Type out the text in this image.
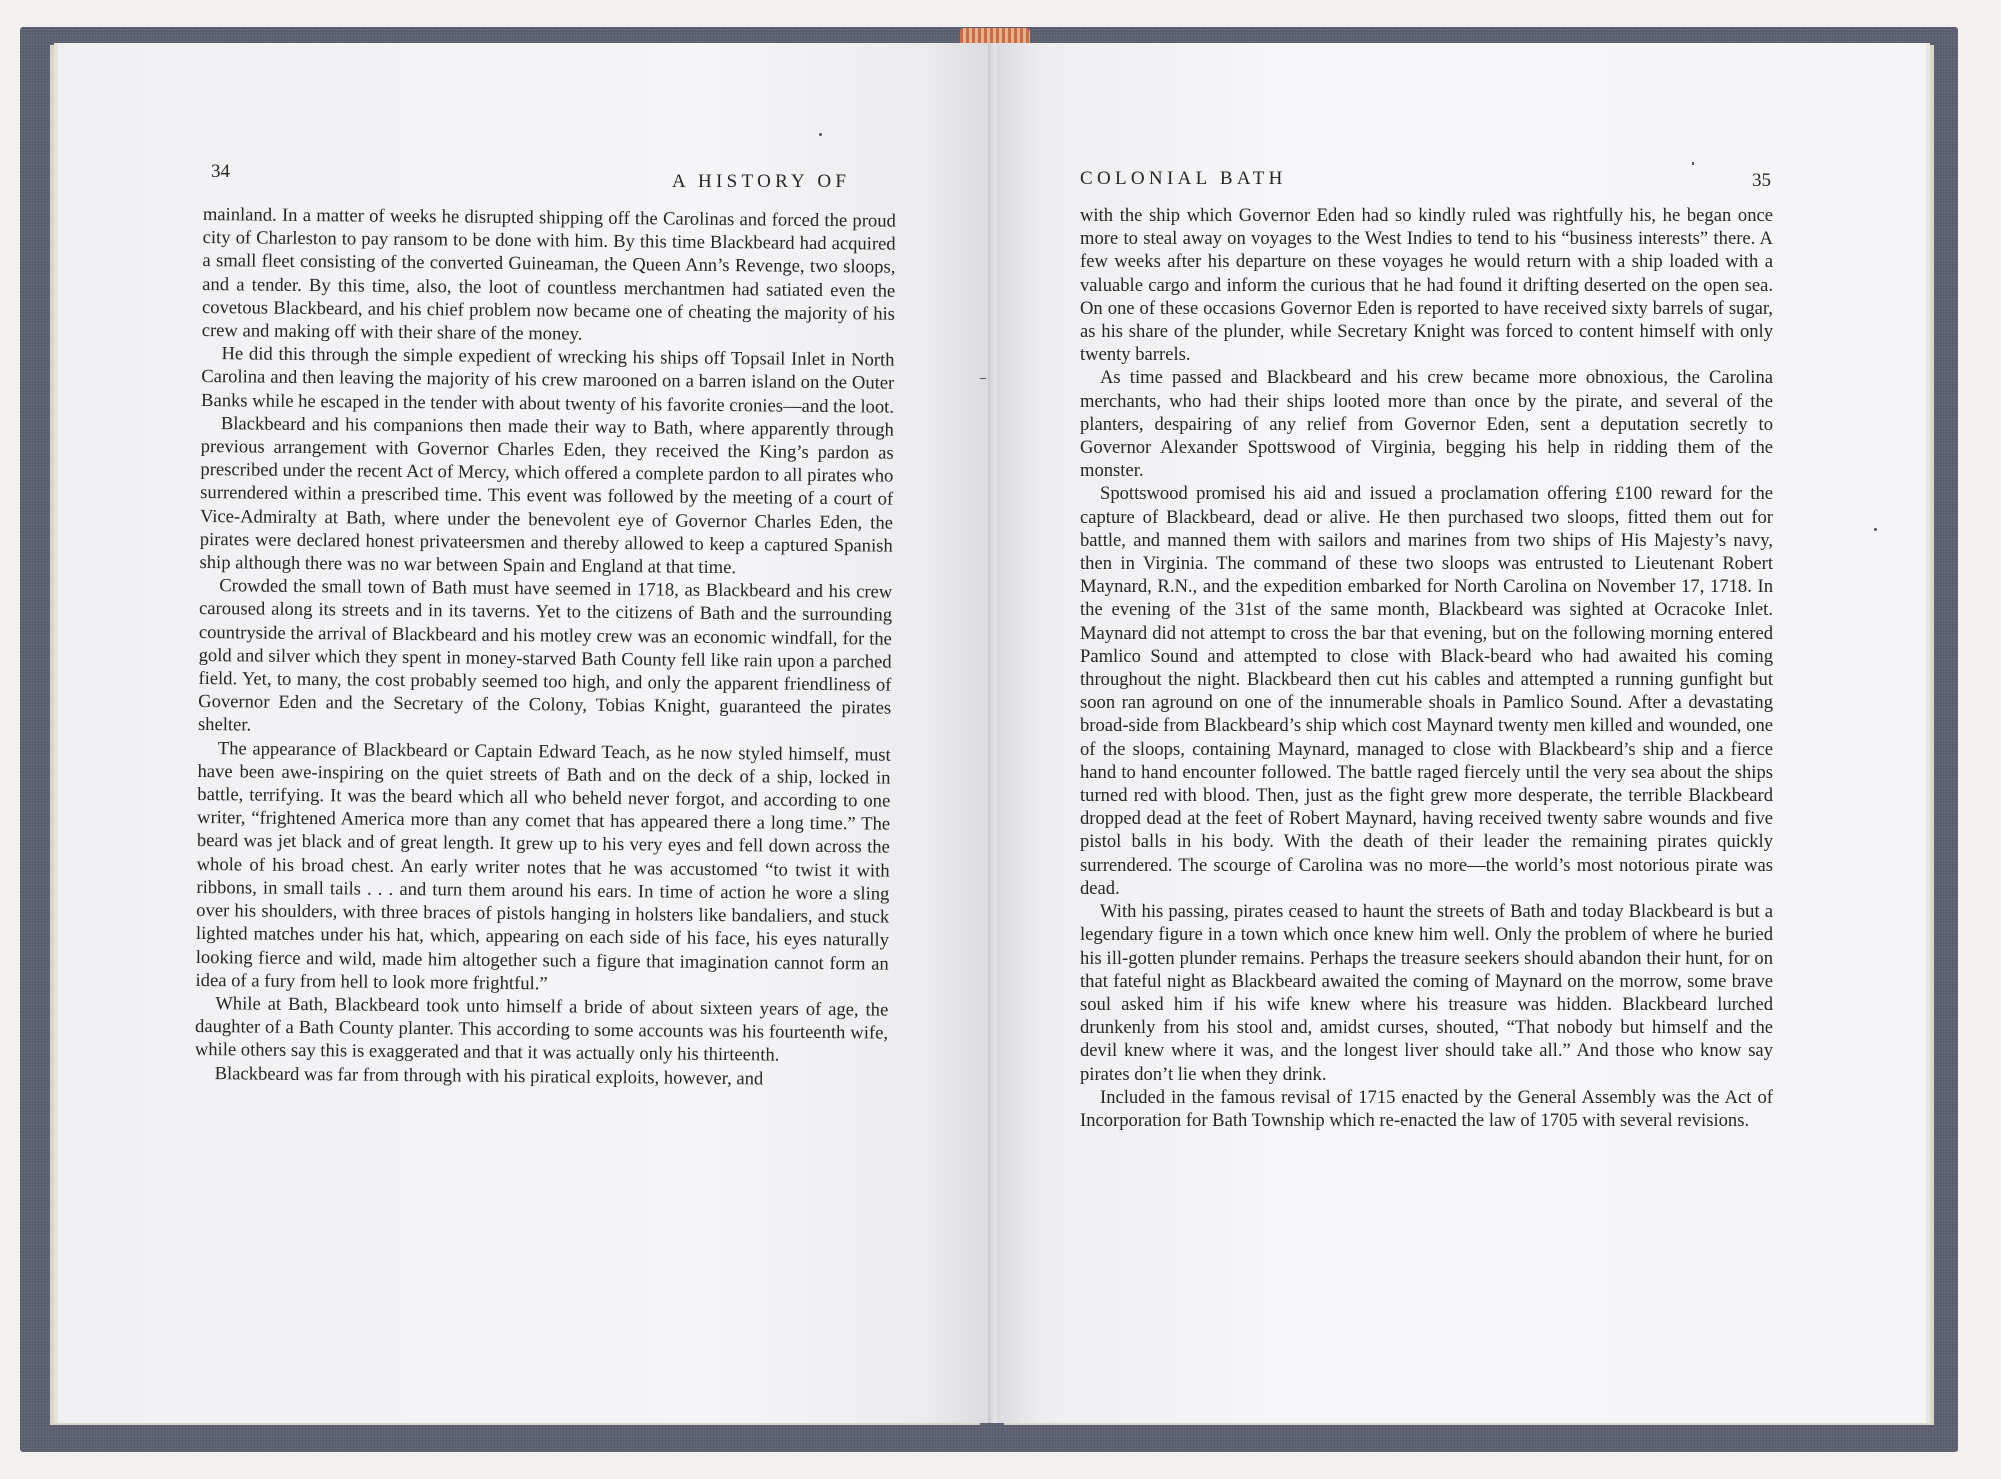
34	A HISTORY OF	COLONIAL BATH	35

mainland. In a matter of weeks he disrupted shipping off the Carolinas and forced the proud city of Charleston to pay ransom to be done with him. By this time Blackbeard had acquired a small fleet consisting of the converted Guineaman, the Queen Ann’s Revenge, two sloops, and a tender. By this time, also, the loot of countless merchantmen had satiated even the covetous Blackbeard, and his chief problem now became one of cheating the majority of his crew and making off with their share of the money.

He did this through the simple expedient of wrecking his ships off Topsail Inlet in North Carolina and then leaving the majority of his crew marooned on a barren island on the Outer Banks while he escaped in the tender with about twenty of his favorite cronies—and the loot.

Blackbeard and his companions then made their way to Bath, where apparently through previous arrangement with Governor Charles Eden, they received the King’s pardon as prescribed under the recent Act of Mercy, which offered a complete pardon to all pirates who surrendered within a prescribed time. This event was followed by the meeting of a court of Vice-Admiralty at Bath, where under the benevolent eye of Governor Charles Eden, the pirates were declared honest privateersmen and thereby allowed to keep a captured Spanish ship although there was no war between Spain and England at that time.

Crowded the small town of Bath must have seemed in 1718, as Blackbeard and his crew caroused along its streets and in its taverns. Yet to the citizens of Bath and the surrounding countryside the arrival of Blackbeard and his motley crew was an economic windfall, for the gold and silver which they spent in money-starved Bath County fell like rain upon a parched field. Yet, to many, the cost probably seemed too high, and only the apparent friendliness of Governor Eden and the Secretary of the Colony, Tobias Knight, guaranteed the pirates shelter.

The appearance of Blackbeard or Captain Edward Teach, as he now styled himself, must have been awe-inspiring on the quiet streets of Bath and on the deck of a ship, locked in battle, terrifying. It was the beard which all who beheld never forgot, and according to one writer, “frightened America more than any comet that has appeared there a long time.” The beard was jet black and of great length. It grew up to his very eyes and fell down across the whole of his broad chest. An early writer notes that he was accustomed “to twist it with ribbons, in small tails . . . and turn them around his ears. In time of action he wore a sling over his shoulders, with three braces of pistols hanging in holsters like bandaliers, and stuck lighted matches under his hat, which, appearing on each side of his face, his eyes naturally looking fierce and wild, made him altogether such a figure that imagination cannot form an idea of a fury from hell to look more frightful.”

While at Bath, Blackbeard took unto himself a bride of about sixteen years of age, the daughter of a Bath County planter. This according to some accounts was his fourteenth wife, while others say this is exaggerated and that it was actually only his thirteenth.

Blackbeard was far from through with his piratical exploits, however, and

with the ship which Governor Eden had so kindly ruled was rightfully his, he began once more to steal away on voyages to the West Indies to tend to his “business interests” there. A few weeks after his departure on these voyages he would return with a ship loaded with a valuable cargo and inform the curious that he had found it drifting deserted on the open sea. On one of these occasions Governor Eden is reported to have received sixty barrels of sugar, as his share of the plunder, while Secretary Knight was forced to content himself with only twenty barrels.

As time passed and Blackbeard and his crew became more obnoxious, the Carolina merchants, who had their ships looted more than once by the pirate, and several of the planters, despairing of any relief from Governor Eden, sent a deputation secretly to Governor Alexander Spottswood of Virginia, begging his help in ridding them of the monster.

Spottswood promised his aid and issued a proclamation offering £100 reward for the capture of Blackbeard, dead or alive. He then purchased two sloops, fitted them out for battle, and manned them with sailors and marines from two ships of His Majesty’s navy, then in Virginia. The command of these two sloops was entrusted to Lieutenant Robert Maynard, R.N., and the expedition embarked for North Carolina on November 17, 1718. In the evening of the 31st of the same month, Blackbeard was sighted at Ocracoke Inlet. Maynard did not attempt to cross the bar that evening, but on the following morning entered Pamlico Sound and attempted to close with Black-beard who had awaited his coming throughout the night. Blackbeard then cut his cables and attempted a running gunfight but soon ran aground on one of the innumerable shoals in Pamlico Sound. After a devastating broad-side from Blackbeard’s ship which cost Maynard twenty men killed and wounded, one of the sloops, containing Maynard, managed to close with Blackbeard’s ship and a fierce hand to hand encounter followed. The battle raged fiercely until the very sea about the ships turned red with blood. Then, just as the fight grew more desperate, the terrible Blackbeard dropped dead at the feet of Robert Maynard, having received twenty sabre wounds and five pistol balls in his body. With the death of their leader the remaining pirates quickly surrendered. The scourge of Carolina was no more—the world’s most notorious pirate was dead.

With his passing, pirates ceased to haunt the streets of Bath and today Blackbeard is but a legendary figure in a town which once knew him well. Only the problem of where he buried his ill-gotten plunder remains. Perhaps the treasure seekers should abandon their hunt, for on that fateful night as Blackbeard awaited the coming of Maynard on the morrow, some brave soul asked him if his wife knew where his treasure was hidden. Blackbeard lurched drunkenly from his stool and, amidst curses, shouted, “That nobody but himself and the devil knew where it was, and the longest liver should take all.” And those who know say pirates don’t lie when they drink.

Included in the famous revisal of 1715 enacted by the General Assembly was the Act of Incorporation for Bath Township which re-enacted the law of 1705 with several revisions.
